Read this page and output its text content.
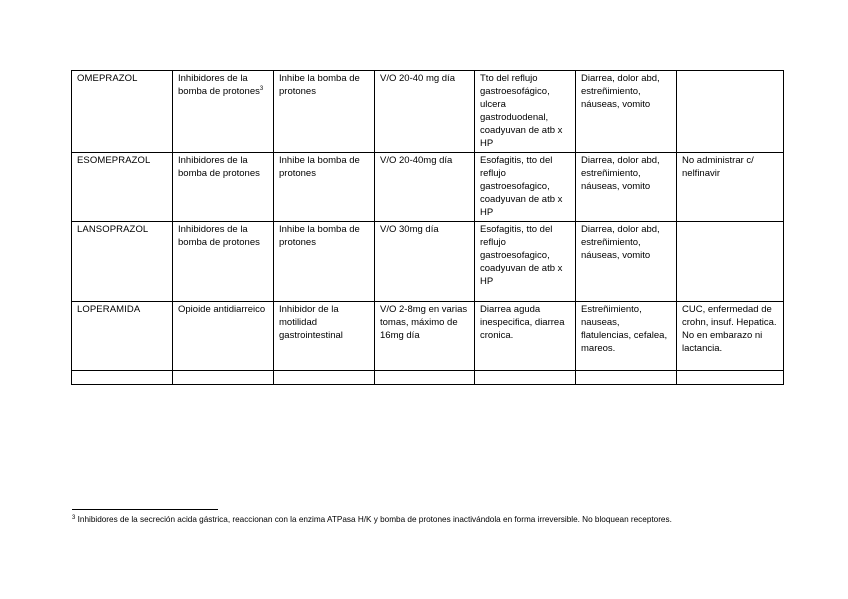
OMEPRAZOL	Inhibidores de la bomba de protones$^3$	Inhibe la bomba de protones	V/O 20-40 mg día	Tto del reflujo gastroesofágico, ulcera gastroduodenal, coadyuvan de atb x HP	Diarrea, dolor abd, estreñimiento, náuseas, vomito	
ESOMEPRAZOL	Inhibidores de la bomba de protones	Inhibe la bomba de protones	V/O 20-40mg día	Esofagitis, tto del reflujo gastroesofagico, coadyuvan de atb x HP	Diarrea, dolor abd, estreñimiento, náuseas, vomito	No administrar c/ nelfinavir
LANSOPRAZOL	Inhibidores de la bomba de protones	Inhibe la bomba de protones	V/O 30mg día	Esofagitis, tto del reflujo gastroesofagico, coadyuvan de atb x HP	Diarrea, dolor abd, estreñimiento, náuseas, vomito	
LOPERAMIDA	Opioide antidiarreico	Inhibidor de la motilidad gastrointestinal	V/O 2-8mg en varias tomas, máximo de 16mg día	Diarrea aguda inespecifica, diarrea cronica.	Estreñimiento, nauseas, flatulencias, cefalea, mareos.	CUC, enfermedad de crohn, insuf. Hepatica.
No en embarazo ni lactancia.

$^3$ Inhibidores de la secreción acida gástrica, reaccionan con la enzima ATPasa H/K y bomba de protones inactivándola en forma irreversible. No bloquean receptores.
